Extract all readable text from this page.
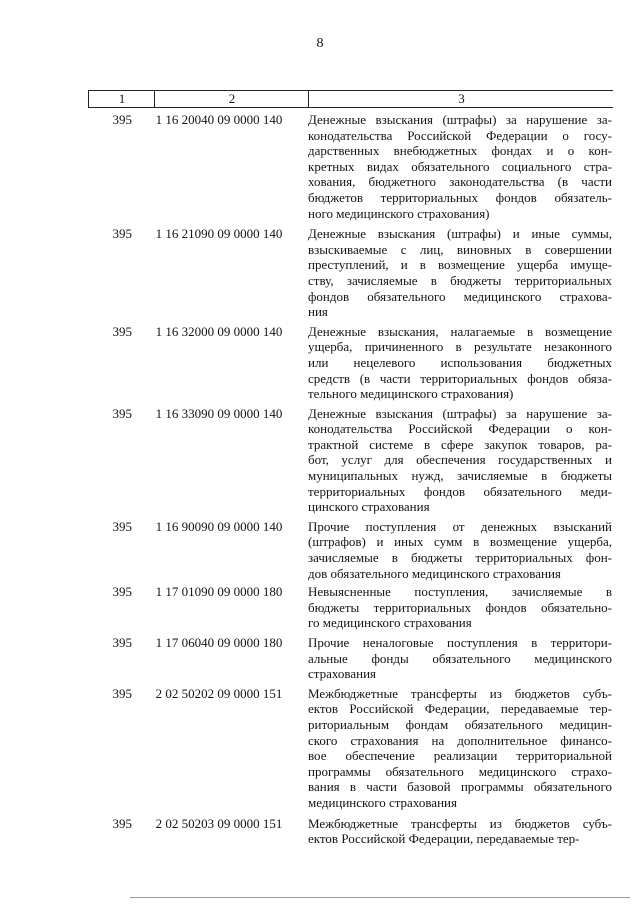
8
1	2	3
395	1 16 20040 09 0000 140	Денежные взыскания (штрафы) за нарушение за-
конодательства Российской Федерации о госу-
дарственных внебюджетных фондах и о кон-
кретных видах обязательного социального стра-
хования, бюджетного законодательства (в части
бюджетов территориальных фондов обязатель-
ного медицинского страхования)
395	1 16 21090 09 0000 140	Денежные взыскания (штрафы) и иные суммы,
взыскиваемые с лиц, виновных в совершении
преступлений, и в возмещение ущерба имуще-
ству, зачисляемые в бюджеты территориальных
фондов обязательного медицинского страхова-
ния
395	1 16 32000 09 0000 140	Денежные взыскания, налагаемые в возмещение
ущерба, причиненного в результате незаконного
или нецелевого использования бюджетных
средств (в части территориальных фондов обяза-
тельного медицинского страхования)
395	1 16 33090 09 0000 140	Денежные взыскания (штрафы) за нарушение за-
конодательства Российской Федерации о кон-
трактной системе в сфере закупок товаров, ра-
бот, услуг для обеспечения государственных и
муниципальных нужд, зачисляемые в бюджеты
территориальных фондов обязательного меди-
цинского страхования
395	1 16 90090 09 0000 140	Прочие поступления от денежных взысканий
(штрафов) и иных сумм в возмещение ущерба,
зачисляемые в бюджеты территориальных фон-
дов обязательного медицинского страхования
395	1 17 01090 09 0000 180	Невыясненные поступления, зачисляемые в
бюджеты территориальных фондов обязательно-
го медицинского страхования
395	1 17 06040 09 0000 180	Прочие неналоговые поступления в территори-
альные фонды обязательного медицинского
страхования
395	2 02 50202 09 0000 151	Межбюджетные трансферты из бюджетов субъ-
ектов Российской Федерации, передаваемые тер-
риториальным фондам обязательного медицин-
ского страхования на дополнительное финансо-
вое обеспечение реализации территориальной
программы обязательного медицинского страхо-
вания в части базовой программы обязательного
медицинского страхования
395	2 02 50203 09 0000 151	Межбюджетные трансферты из бюджетов субъ-
ектов Российской Федерации, передаваемые тер-
